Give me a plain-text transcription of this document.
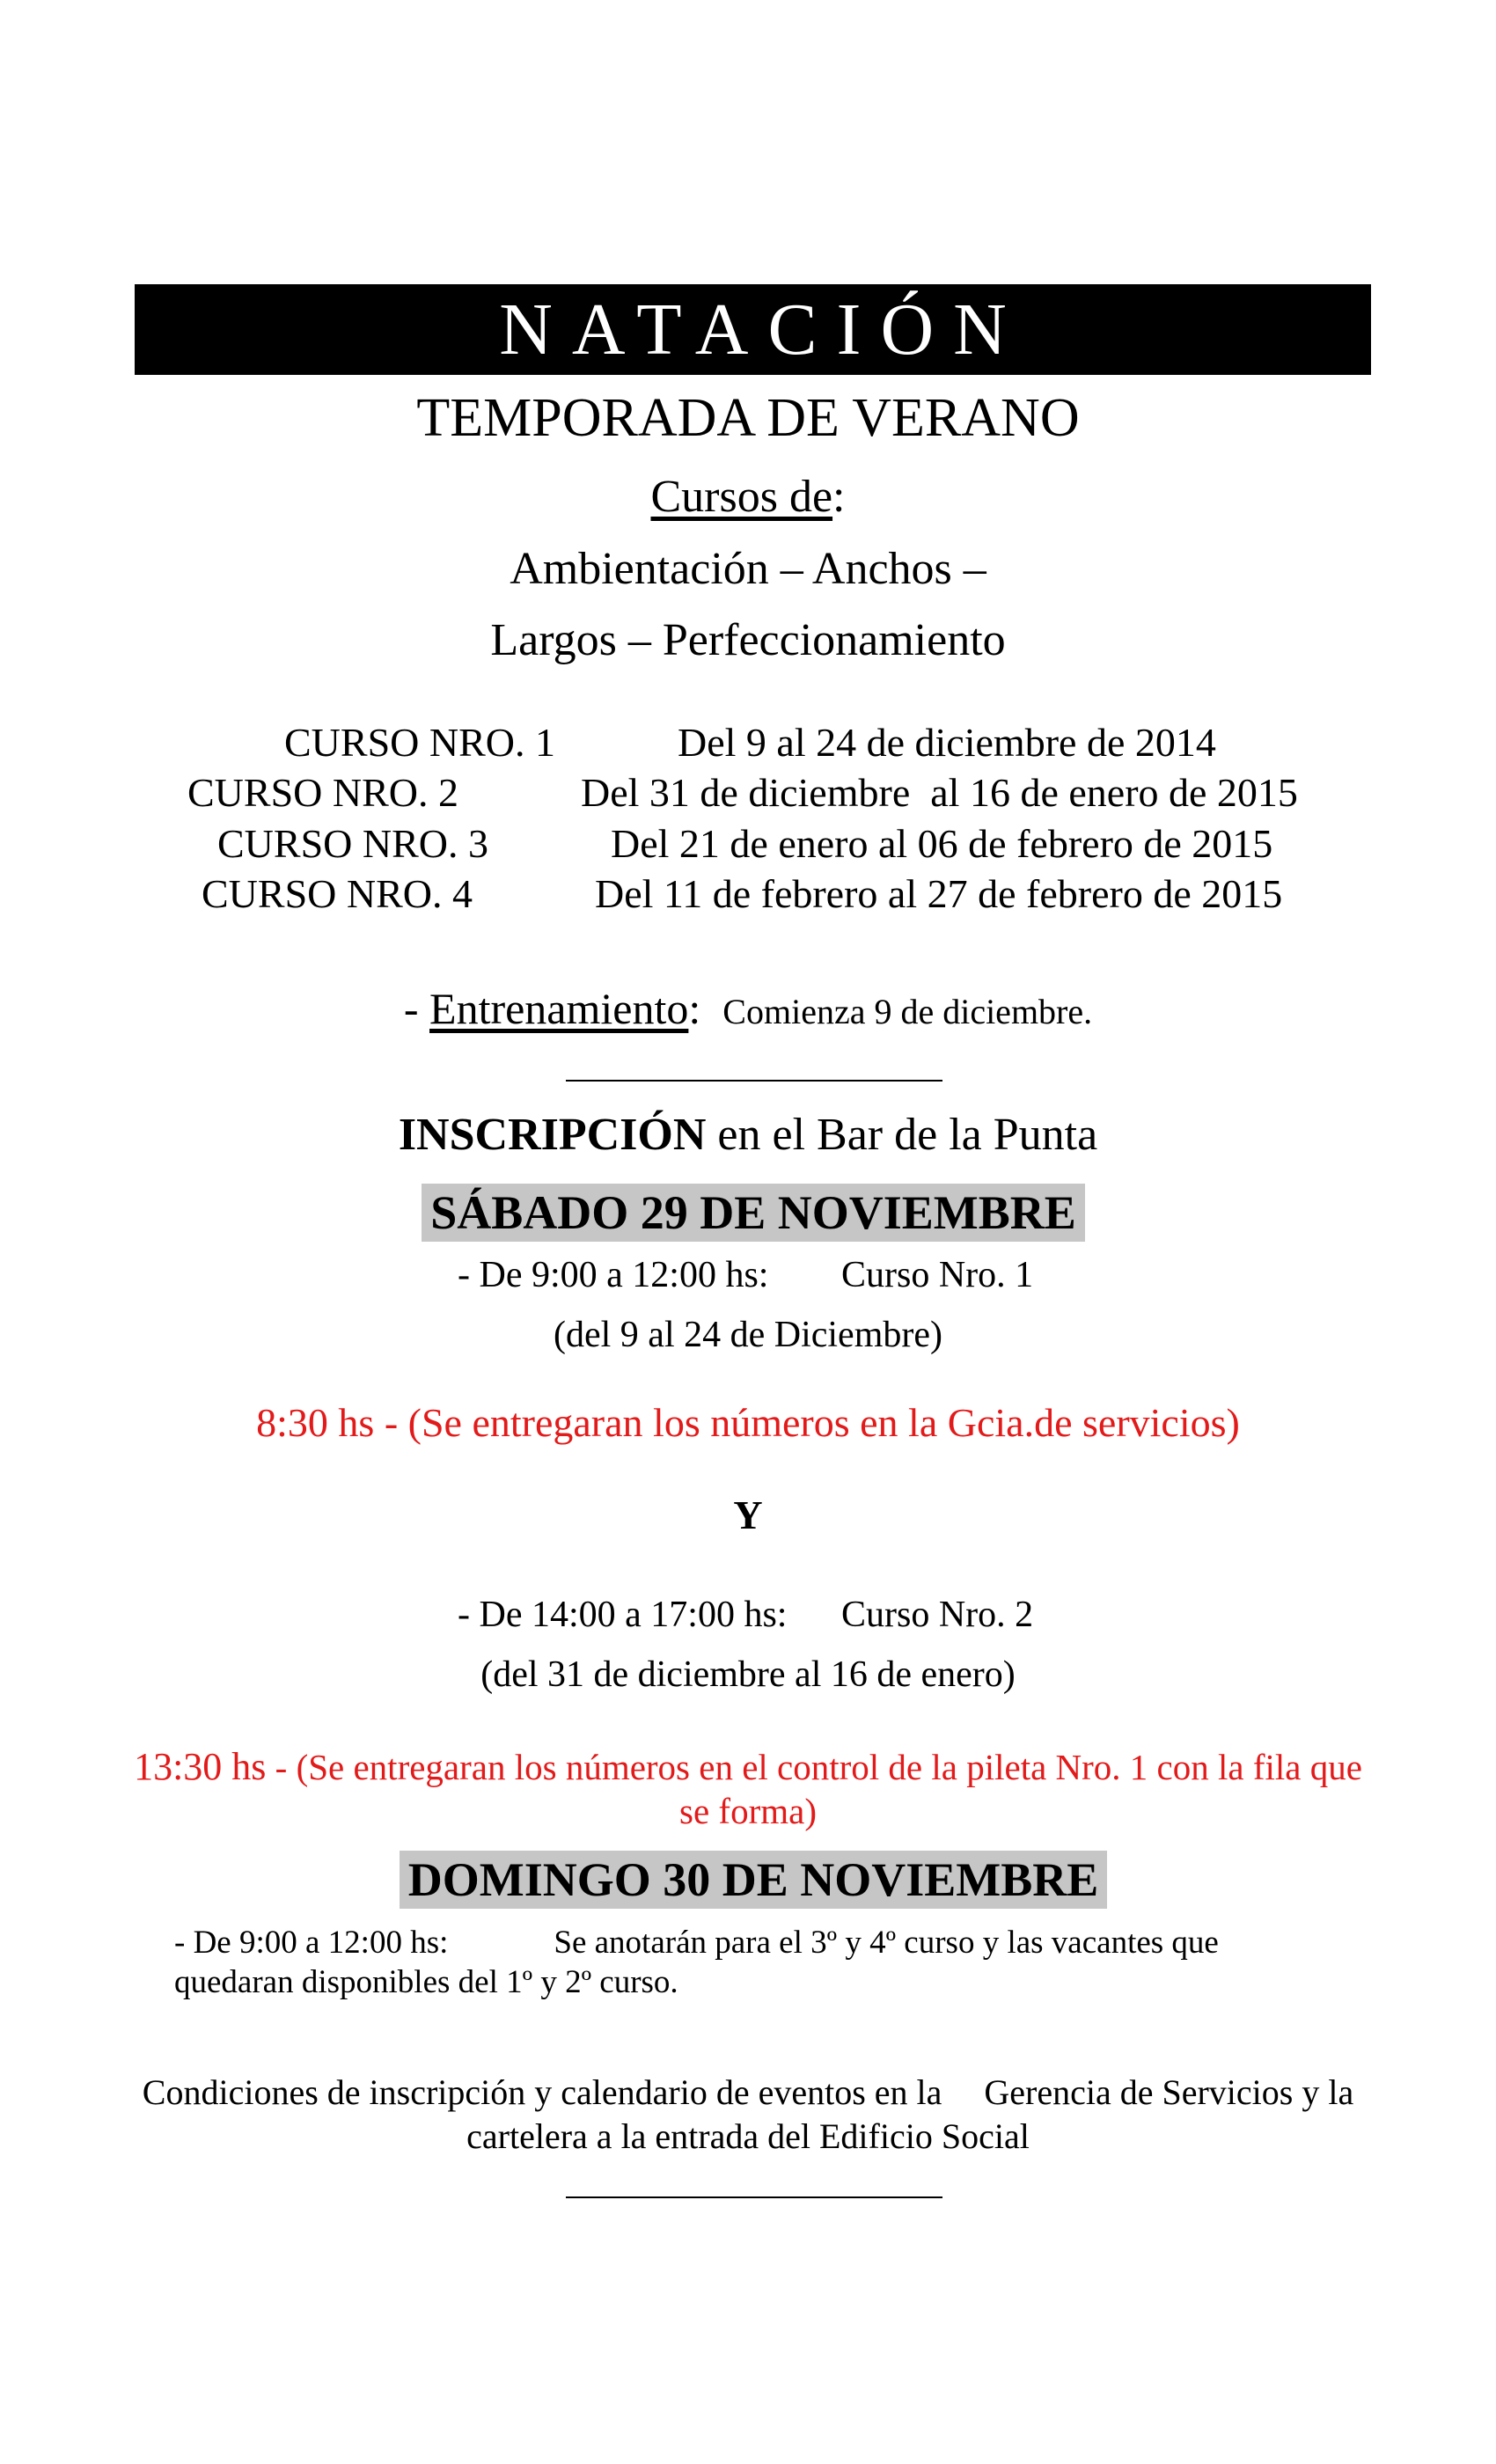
NATACIÓN
TEMPORADA DE VERANO
Cursos de:
Ambientación – Anchos –
Largos – Perfeccionamiento
CURSO NRO. 1	Del 9 al 24 de diciembre de 2014
CURSO NRO. 2	Del 31 de diciembre  al 16 de enero de 2015
CURSO NRO. 3	Del 21 de enero al 06 de febrero de 2015
CURSO NRO. 4	Del 11 de febrero al 27 de febrero de 2015
- Entrenamiento: Comienza 9 de diciembre.
INSCRIPCIÓN en el Bar de la Punta
SÁBADO 29 DE NOVIEMBRE
- De 9:00 a 12:00 hs: Curso Nro. 1
(del 9 al 24 de Diciembre)
8:30 hs - (Se entregaran los números en la Gcia.de servicios)
Y
- De 14:00 a 17:00 hs: Curso Nro. 2
(del 31 de diciembre al 16 de enero)
13:30 hs - (Se entregaran los números en el control de la pileta Nro. 1 con la fila que
se forma)
DOMINGO 30 DE NOVIEMBRE
- De 9:00 a 12:00 hs:	Se anotarán para el 3º y 4º curso y las vacantes que
quedaran disponibles del 1º y 2º curso.
Condiciones de inscripción y calendario de eventos en la Gerencia de Servicios y la
cartelera a la entrada del Edificio Social
